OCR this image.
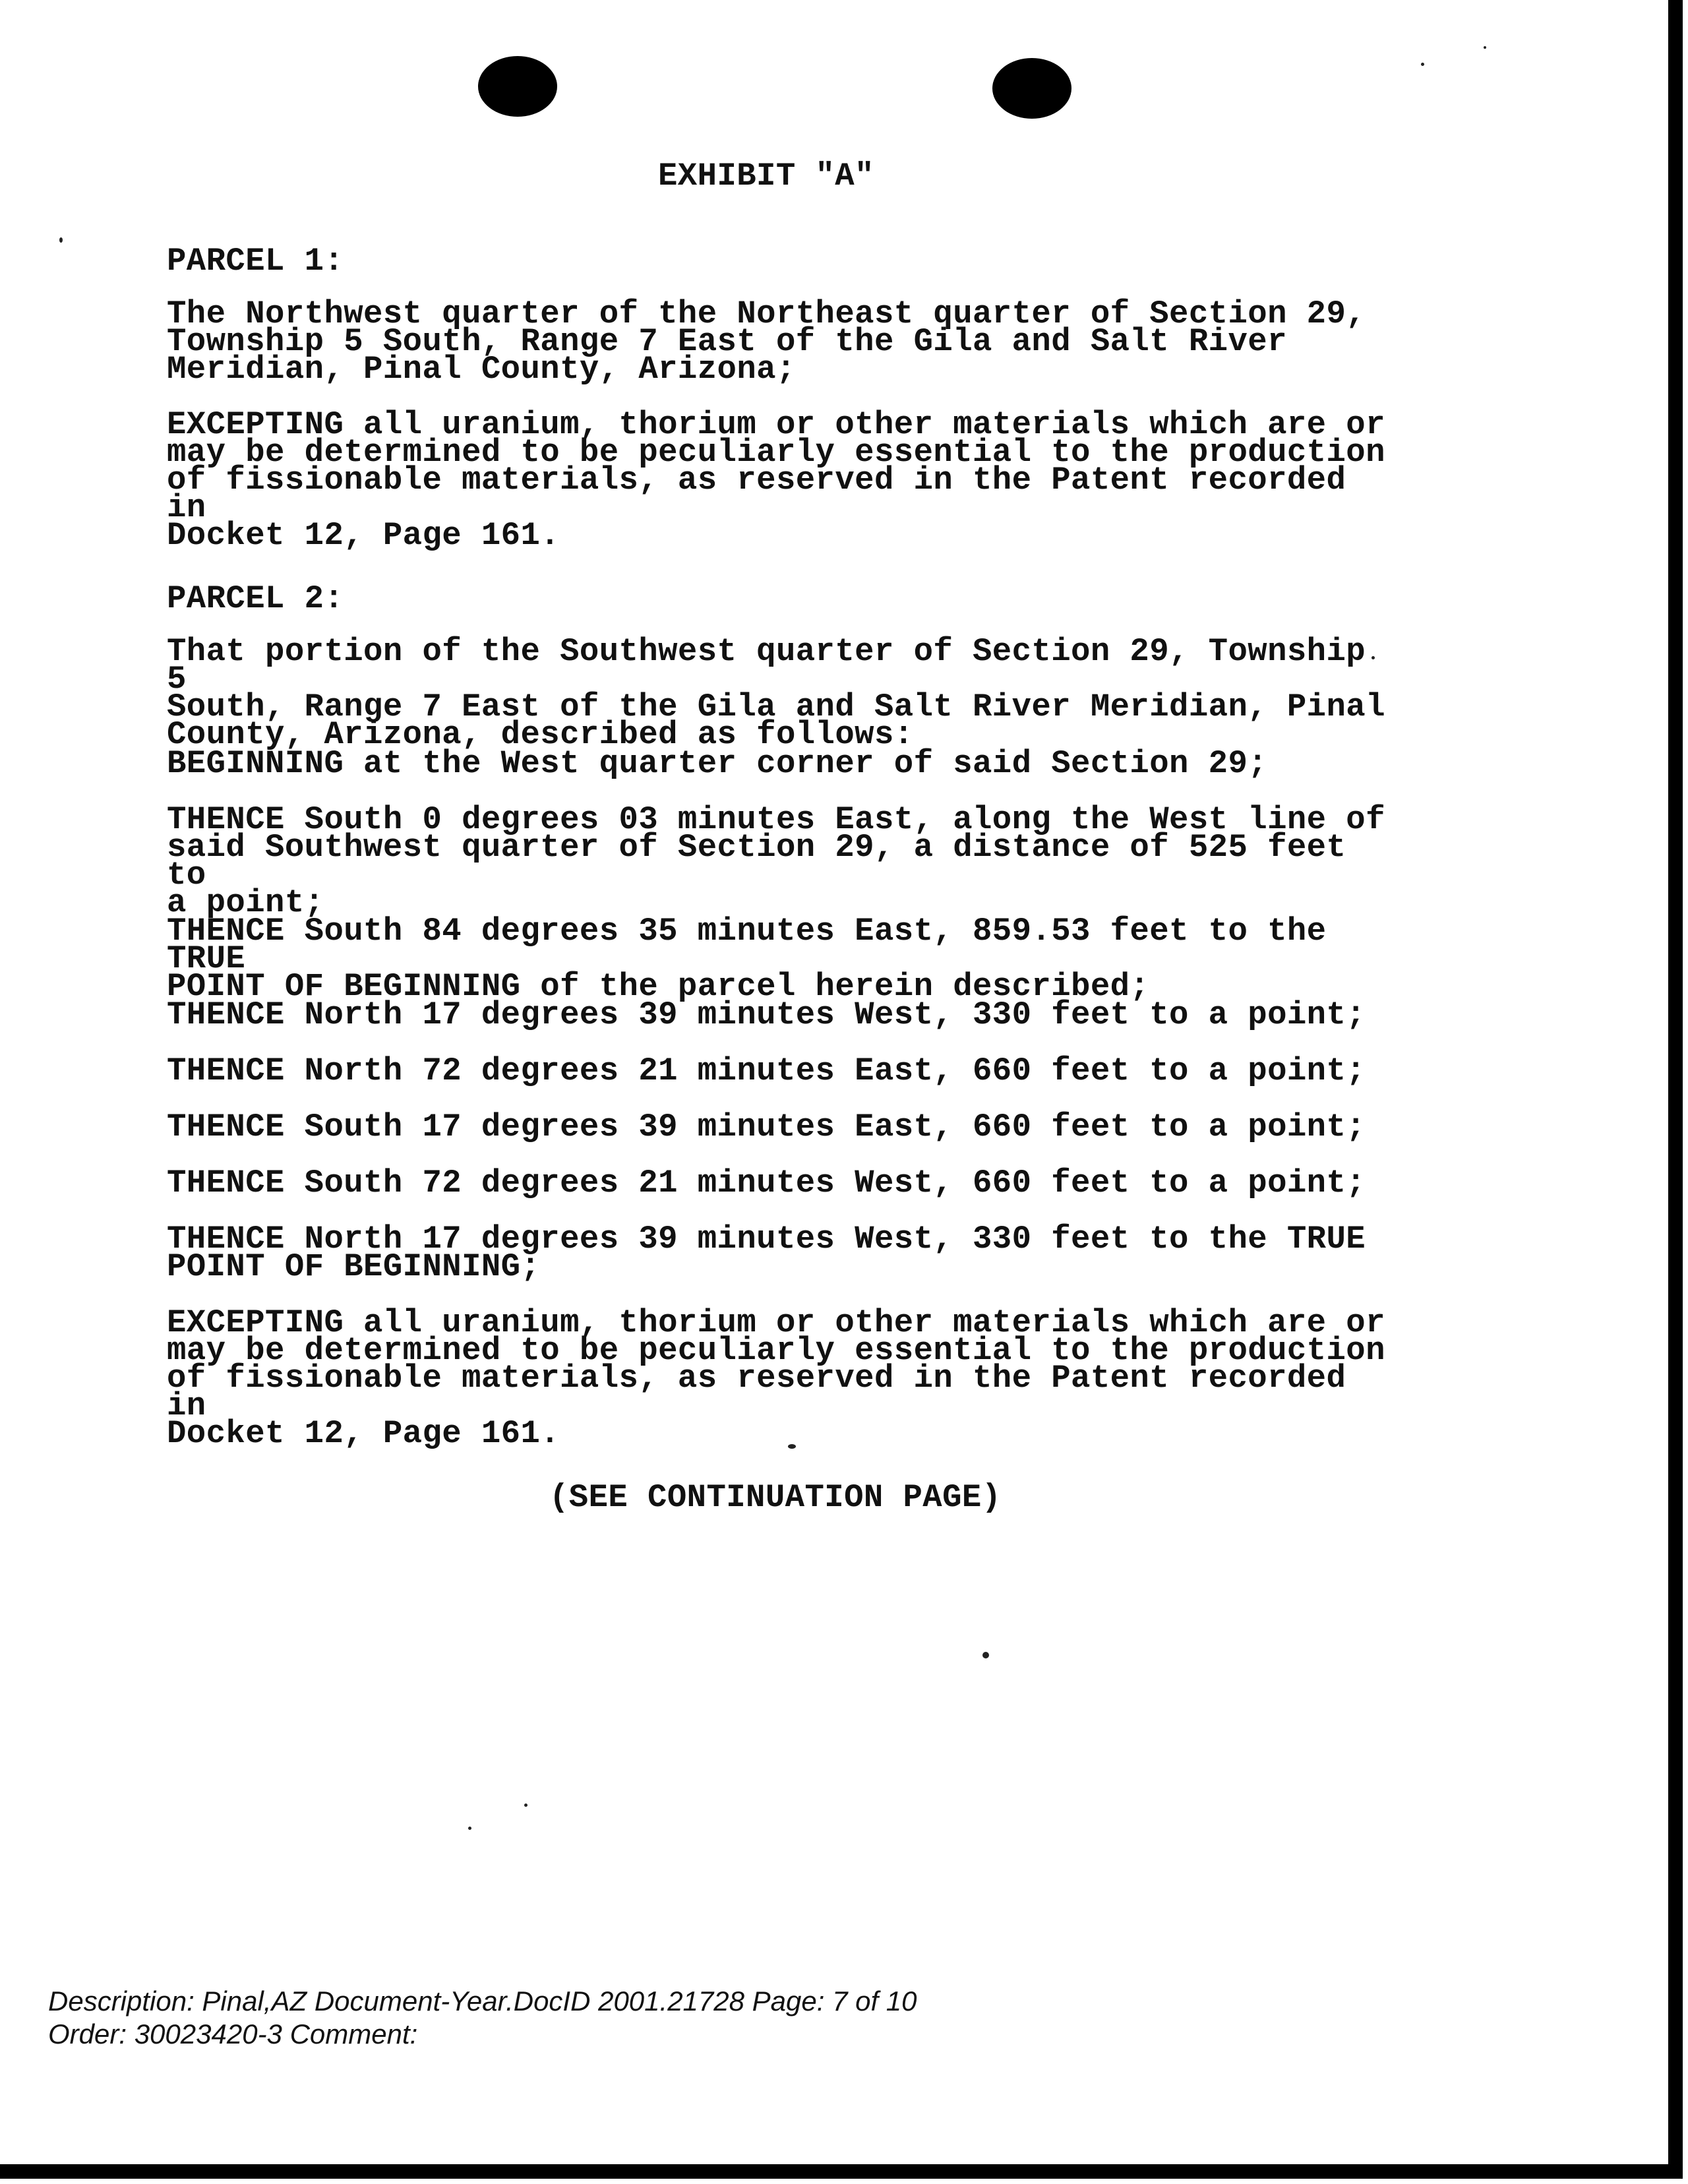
EXHIBIT "A"
PARCEL 1:
The Northwest quarter of the Northeast quarter of Section 29,
Township 5 South, Range 7 East of the Gila and Salt River
Meridian, Pinal County, Arizona;
EXCEPTING all uranium, thorium or other materials which are or
may be determined to be peculiarly essential to the production
of fissionable materials, as reserved in the Patent recorded in
Docket 12, Page 161.
PARCEL 2:
That portion of the Southwest quarter of Section 29, Township 5
South, Range 7 East of the Gila and Salt River Meridian, Pinal
County, Arizona, described as follows:
BEGINNING at the West quarter corner of said Section 29;
THENCE South 0 degrees 03 minutes East, along the West line of
said Southwest quarter of Section 29, a distance of 525 feet to
a point;
THENCE South 84 degrees 35 minutes East, 859.53 feet to the TRUE
POINT OF BEGINNING of the parcel herein described;
THENCE North 17 degrees 39 minutes West, 330 feet to a point;
THENCE North 72 degrees 21 minutes East, 660 feet to a point;
THENCE South 17 degrees 39 minutes East, 660 feet to a point;
THENCE South 72 degrees 21 minutes West, 660 feet to a point;
THENCE North 17 degrees 39 minutes West, 330 feet to the TRUE
POINT OF BEGINNING;
EXCEPTING all uranium, thorium or other materials which are or
may be determined to be peculiarly essential to the production
of fissionable materials, as reserved in the Patent recorded in
Docket 12, Page 161.
(SEE CONTINUATION PAGE)
Description: Pinal,AZ Document-Year.DocID 2001.21728 Page: 7 of 10
Order: 30023420-3 Comment:
